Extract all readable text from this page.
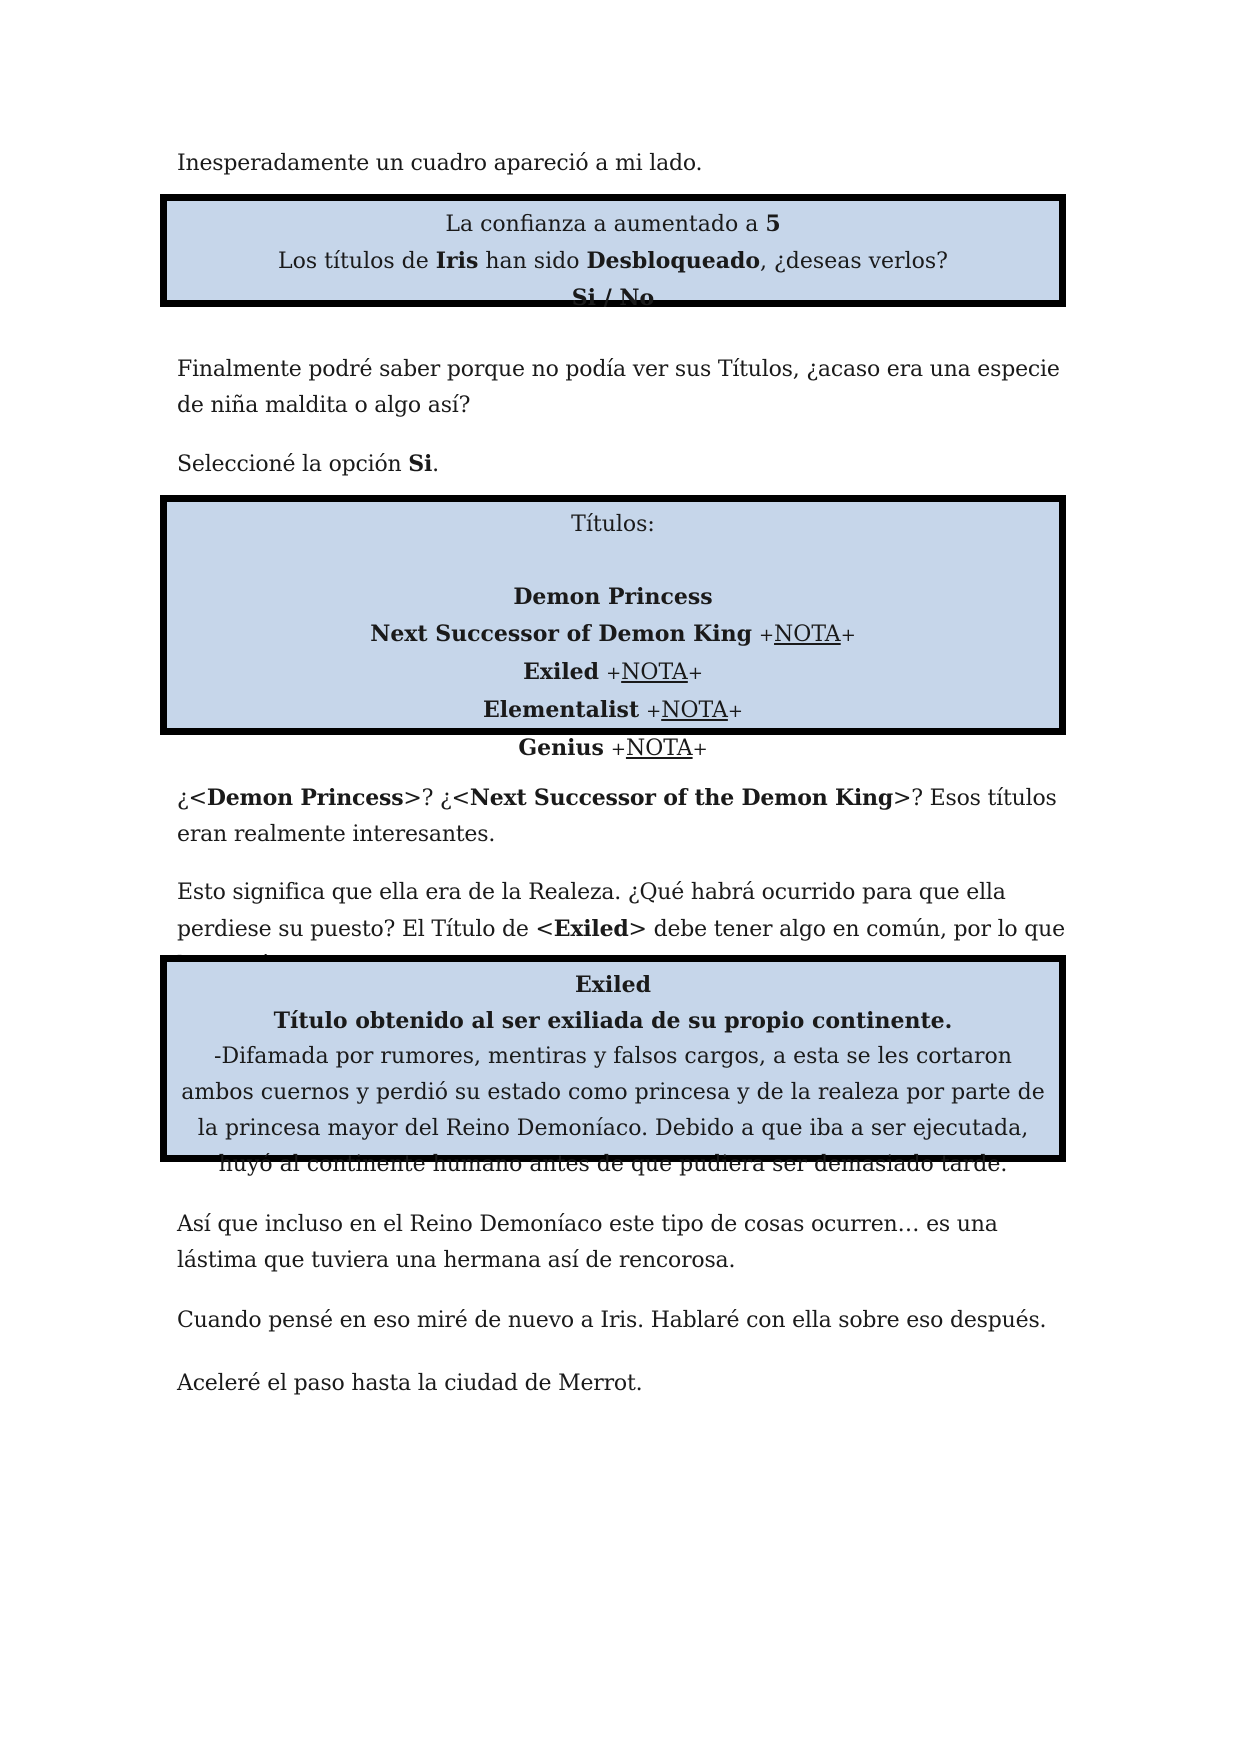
Inesperadamente un cuadro apareció a mi lado.

La confianza a aumentado a 5
Los títulos de Iris han sido Desbloqueado, ¿deseas verlos?
Si / No

Finalmente podré saber porque no podía ver sus Títulos, ¿acaso era una especie de niña maldita o algo así?

Seleccioné la opción Si.

Títulos:
Demon Princess
Next Successor of Demon King +NOTA+
Exiled +NOTA+
Elementalist +NOTA+
Genius +NOTA+

¿<Demon Princess>? ¿<Next Successor of the Demon King>? Esos títulos eran realmente interesantes.

Esto significa que ella era de la Realeza. ¿Qué habrá ocurrido para que ella perdiese su puesto? El Título de <Exiled> debe tener algo en común, por lo que

Exiled
Título obtenido al ser exiliada de su propio continente.
-Difamada por rumores, mentiras y falsos cargos, a esta se les cortaron ambos cuernos y perdió su estado como princesa y de la realeza por parte de la princesa mayor del Reino Demoníaco. Debido a que iba a ser ejecutada, huyó al continente humano antes de que pudiera ser demasiado tarde.

Así que incluso en el Reino Demoníaco este tipo de cosas ocurren… es una lástima que tuviera una hermana así de rencorosa.

Cuando pensé en eso miré de nuevo a Iris. Hablaré con ella sobre eso después.

Aceleré el paso hasta la ciudad de Merrot.
